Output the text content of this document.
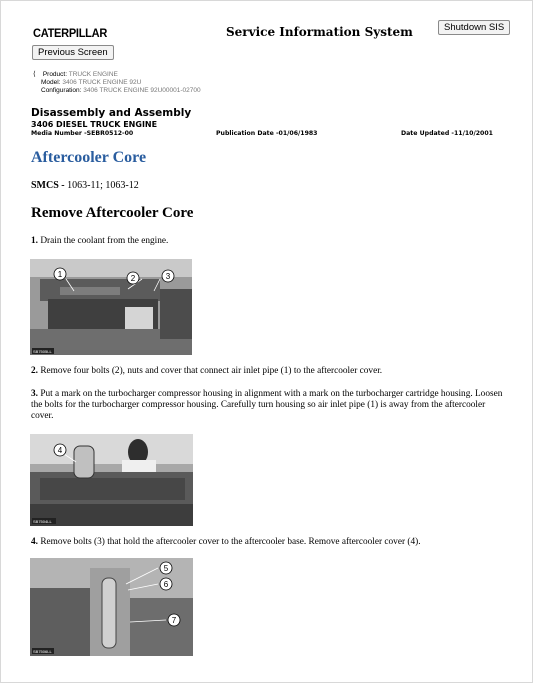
CATERPILLAR	Service Information System	Shutdown SIS
Previous Screen
⟨ Product: TRUCK ENGINE
Model: 3406 TRUCK ENGINE 92U
Configuration: 3406 TRUCK ENGINE 92U00001-02700
Disassembly and Assembly
3406 DIESEL TRUCK ENGINE
Media Number -SEBR0512-00	Publication Date -01/06/1983	Date Updated -11/10/2001
Aftercooler Core
SMCS - 1063-11; 1063-12
Remove Aftercooler Core
1. Drain the coolant from the engine.
1	2	3
SB7505LL
2. Remove four bolts (2), nuts and cover that connect air inlet pipe (1) to the aftercooler cover.
3. Put a mark on the turbocharger compressor housing in alignment with a mark on the turbocharger cartridge housing. Loosen the bolts for the turbocharger compressor housing. Carefully turn housing so air inlet pipe (1) is away from the aftercooler cover.
4
SB7504LL
4. Remove bolts (3) that hold the aftercooler cover to the aftercooler base. Remove aftercooler cover (4).
5
6
7
SB7506LL
